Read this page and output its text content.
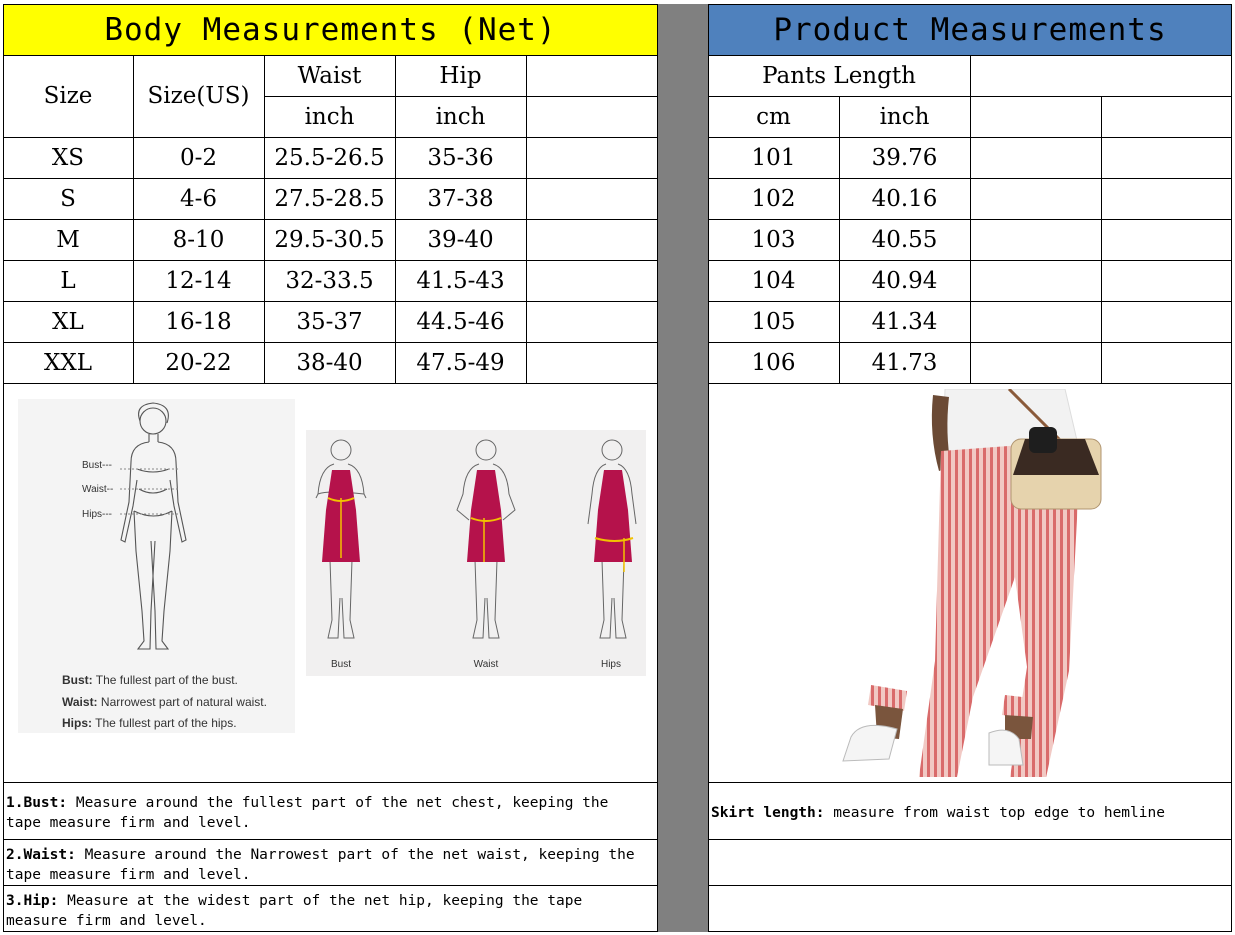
Body Measurements (Net)	Product Measurements
Size	Size(US)
Waist	Hip
inch	inch
XS	0-2	25.5-26.5	35-36
S	4-6	27.5-28.5	37-38
M	8-10	29.5-30.5	39-40
L	12-14	32-33.5	41.5-43
XL	16-18	35-37	44.5-46
XXL	20-22	38-40	47.5-49
Pants Length
cm	inch
101	39.76
102	40.16
103	40.55
104	40.94
105	41.34
106	41.73
Bust---
Waist--
Hips---
Bust: The fullest part of the bust.
Waist: Narrowest part of natural waist.
Hips: The fullest part of the hips.
Bust	Waist	Hips
1.Bust: Measure around the fullest part of the net chest, keeping the tape measure firm and level.
2.Waist: Measure around the Narrowest part of the net waist, keeping the tape measure firm and level.
3.Hip: Measure at the widest part of the net hip, keeping the tape measure firm and level.
Skirt length: measure from waist top edge to hemline
